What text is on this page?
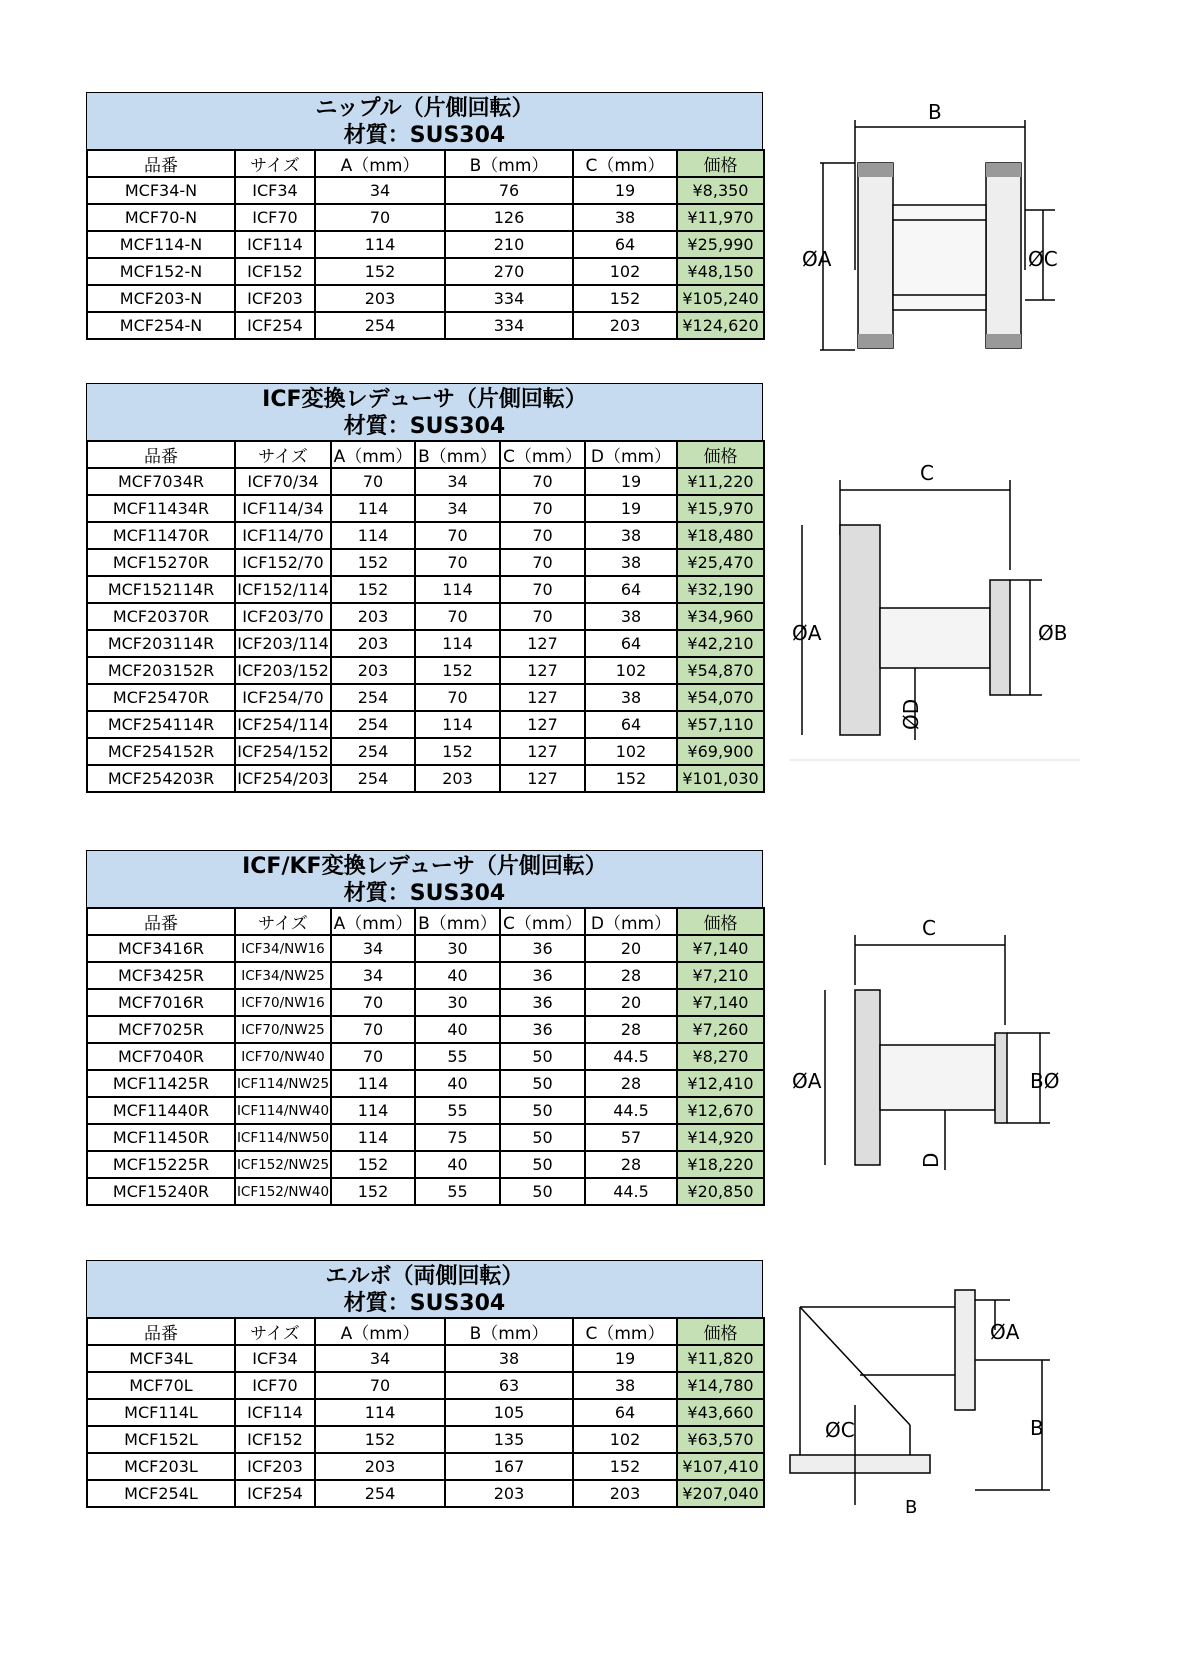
ニップル（片側回転）
材質：SUS304
品番	サイズ	A（mm）	B（mm）	C（mm）	価格
MCF34-N	ICF34	34	76	19	¥8,350
MCF70-N	ICF70	70	126	38	¥11,970
MCF114-N	ICF114	114	210	64	¥25,990
MCF152-N	ICF152	152	270	102	¥48,150
MCF203-N	ICF203	203	334	152	¥105,240
MCF254-N	ICF254	254	334	203	¥124,620
ICF変換レデューサ（片側回転）
材質：SUS304
品番	サイズ	A（mm）	B（mm）	C（mm）	D（mm）	価格
MCF7034R	ICF70/34	70	34	70	19	¥11,220
MCF11434R	ICF114/34	114	34	70	19	¥15,970
MCF11470R	ICF114/70	114	70	70	38	¥18,480
MCF15270R	ICF152/70	152	70	70	38	¥25,470
MCF152114R	ICF152/114	152	114	70	64	¥32,190
MCF20370R	ICF203/70	203	70	70	38	¥34,960
MCF203114R	ICF203/114	203	114	127	64	¥42,210
MCF203152R	ICF203/152	203	152	127	102	¥54,870
MCF25470R	ICF254/70	254	70	127	38	¥54,070
MCF254114R	ICF254/114	254	114	127	64	¥57,110
MCF254152R	ICF254/152	254	152	127	102	¥69,900
MCF254203R	ICF254/203	254	203	127	152	¥101,030
ICF/KF変換レデューサ（片側回転）
材質：SUS304
品番	サイズ	A（mm）	B（mm）	C（mm）	D（mm）	価格
MCF3416R	ICF34/NW16	34	30	36	20	¥7,140
MCF3425R	ICF34/NW25	34	40	36	28	¥7,210
MCF7016R	ICF70/NW16	70	30	36	20	¥7,140
MCF7025R	ICF70/NW25	70	40	36	28	¥7,260
MCF7040R	ICF70/NW40	70	55	50	44.5	¥8,270
MCF11425R	ICF114/NW25	114	40	50	28	¥12,410
MCF11440R	ICF114/NW40	114	55	50	44.5	¥12,670
MCF11450R	ICF114/NW50	114	75	50	57	¥14,920
MCF15225R	ICF152/NW25	152	40	50	28	¥18,220
MCF15240R	ICF152/NW40	152	55	50	44.5	¥20,850
エルボ（両側回転）
材質：SUS304
品番	サイズ	A（mm）	B（mm）	C（mm）	価格
MCF34L	ICF34	34	38	19	¥11,820
MCF70L	ICF70	70	63	38	¥14,780
MCF114L	ICF114	114	105	64	¥43,660
MCF152L	ICF152	152	135	102	¥63,570
MCF203L	ICF203	203	167	152	¥107,410
MCF254L	ICF254	254	203	203	¥207,040
B
ØA	ØC
C
ØA	ØB
ØD
C
ØA	BØ
D
ØA
B
ØC
B
